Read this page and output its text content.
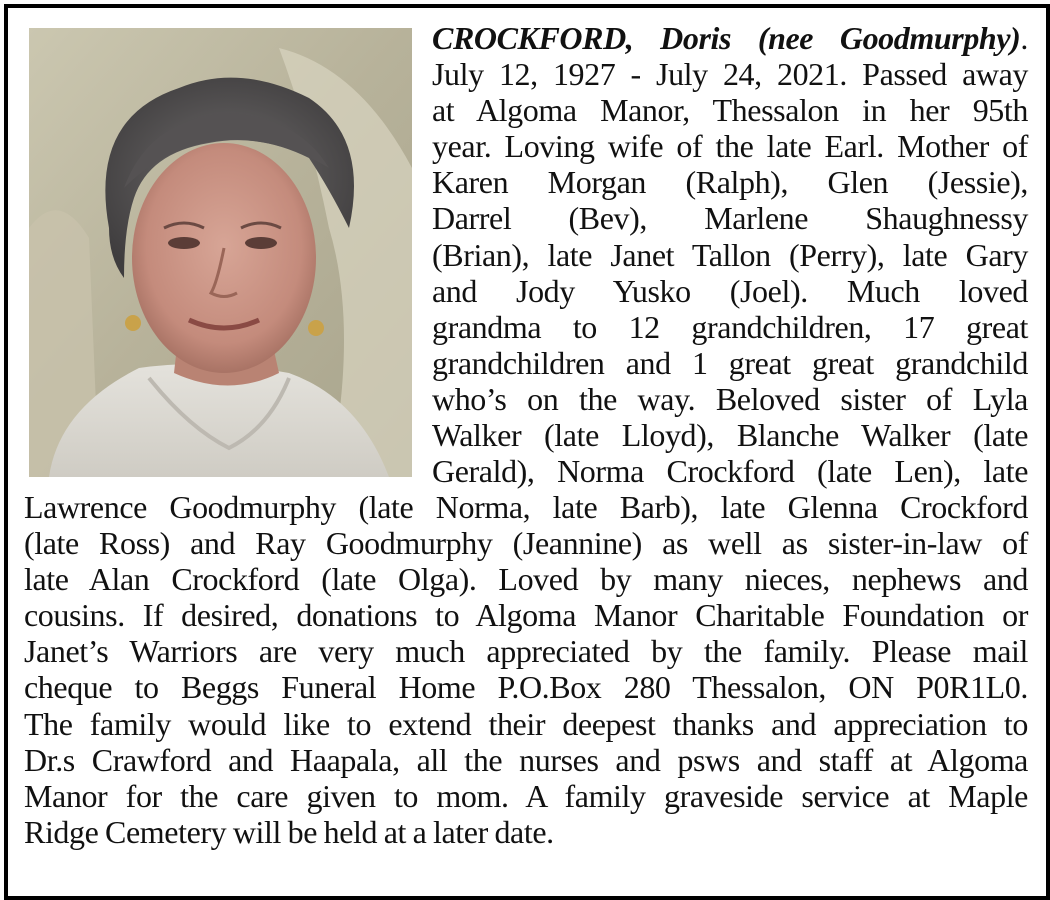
CROCKFORD, Doris (nee Goodmurphy).
July 12, 1927 - July 24, 2021. Passed away
at Algoma Manor, Thessalon in her 95th
year. Loving wife of the late Earl. Mother of
Karen Morgan (Ralph), Glen (Jessie),
Darrel (Bev), Marlene Shaughnessy
(Brian), late Janet Tallon (Perry), late Gary
and Jody Yusko (Joel). Much loved
grandma to 12 grandchildren, 17 great
grandchildren and 1 great great grandchild
who’s on the way. Beloved sister of Lyla
Walker (late Lloyd), Blanche Walker (late
Gerald), Norma Crockford (late Len), late
Lawrence Goodmurphy (late Norma, late Barb), late Glenna Crockford
(late Ross) and Ray Goodmurphy (Jeannine) as well as sister-in-law of
late Alan Crockford (late Olga). Loved by many nieces, nephews and
cousins. If desired, donations to Algoma Manor Charitable Foundation or
Janet’s Warriors are very much appreciated by the family. Please mail
cheque to Beggs Funeral Home P.O.Box 280 Thessalon, ON P0R1L0.
The family would like to extend their deepest thanks and appreciation to
Dr.s Crawford and Haapala, all the nurses and psws and staff at Algoma
Manor for the care given to mom. A family graveside service at Maple
Ridge Cemetery will be held at a later date.
